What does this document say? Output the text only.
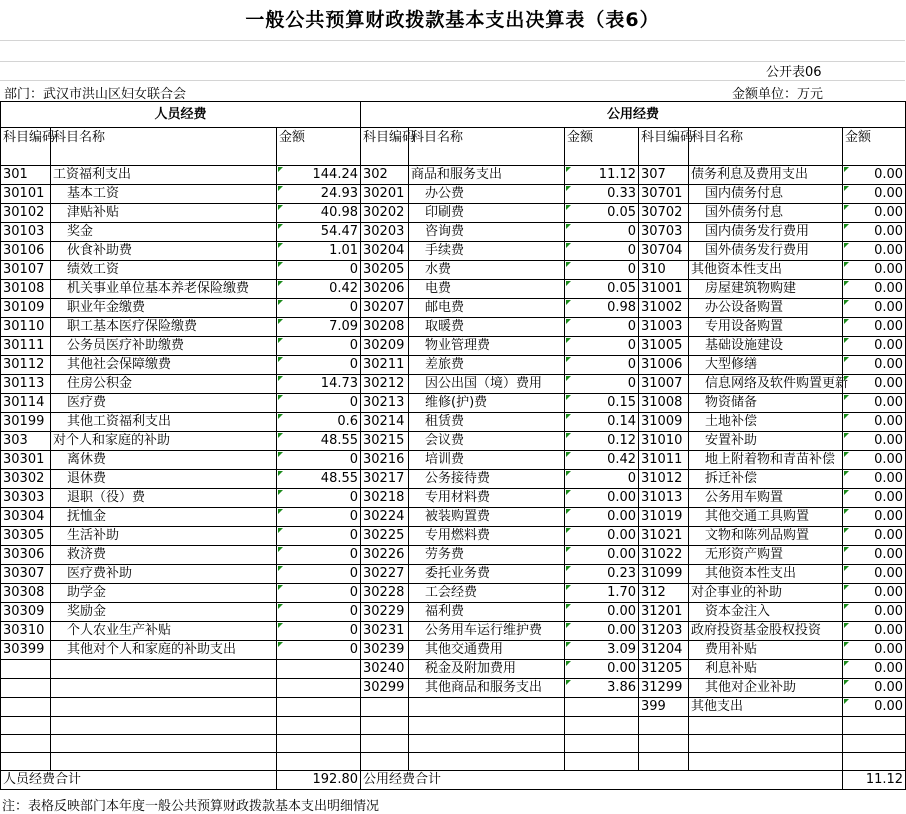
一般公共预算财政拨款基本支出决算表（表6）
公开表06
部门：武汉市洪山区妇女联合会	金额单位：万元
人员经费			公用经费					
科目编码	科目名称	金额	科目编码	科目名称	金额	科目编码	科目名称	金额
301	工资福利支出	144.24	302	商品和服务支出	11.12	307	债务利息及费用支出	0.00
30101	基本工资	24.93	30201	办公费	0.33	30701	国内债务付息	0.00
30102	津贴补贴	40.98	30202	印刷费	0.05	30702	国外债务付息	0.00
30103	奖金	54.47	30203	咨询费	0	30703	国内债务发行费用	0.00
30106	伙食补助费	1.01	30204	手续费	0	30704	国外债务发行费用	0.00
30107	绩效工资	0	30205	水费	0	310	其他资本性支出	0.00
30108	机关事业单位基本养老保险缴费	0.42	30206	电费	0.05	31001	房屋建筑物购建	0.00
30109	职业年金缴费	0	30207	邮电费	0.98	31002	办公设备购置	0.00
30110	职工基本医疗保险缴费	7.09	30208	取暖费	0	31003	专用设备购置	0.00
30111	公务员医疗补助缴费	0	30209	物业管理费	0	31005	基础设施建设	0.00
30112	其他社会保障缴费	0	30211	差旅费	0	31006	大型修缮	0.00
30113	住房公积金	14.73	30212	因公出国（境）费用	0	31007	信息网络及软件购置更新	0.00
30114	医疗费	0	30213	维修(护)费	0.15	31008	物资储备	0.00
30199	其他工资福利支出	0.6	30214	租赁费	0.14	31009	土地补偿	0.00
303	对个人和家庭的补助	48.55	30215	会议费	0.12	31010	安置补助	0.00
30301	离休费	0	30216	培训费	0.42	31011	地上附着物和青苗补偿	0.00
30302	退休费	48.55	30217	公务接待费	0	31012	拆迁补偿	0.00
30303	退职（役）费	0	30218	专用材料费	0.00	31013	公务用车购置	0.00
30304	抚恤金	0	30224	被装购置费	0.00	31019	其他交通工具购置	0.00
30305	生活补助	0	30225	专用燃料费	0.00	31021	文物和陈列品购置	0.00
30306	救济费	0	30226	劳务费	0.00	31022	无形资产购置	0.00
30307	医疗费补助	0	30227	委托业务费	0.23	31099	其他资本性支出	0.00
30308	助学金	0	30228	工会经费	1.70	312	对企事业的补助	0.00
30309	奖励金	0	30229	福利费	0.00	31201	资本金注入	0.00
30310	个人农业生产补贴	0	30231	公务用车运行维护费	0.00	31203	政府投资基金股权投资	0.00
30399	其他对个人和家庭的补助支出	0	30239	其他交通费用	3.09	31204	费用补贴	0.00
			30240	税金及附加费用	0.00	31205	利息补贴	0.00
			30299	其他商品和服务支出	3.86	31299	其他对企业补助	0.00
						399	其他支出	0.00

人员经费合计		192.80	公用经费合计					11.12
注：表格反映部门本年度一般公共预算财政拨款基本支出明细情况
